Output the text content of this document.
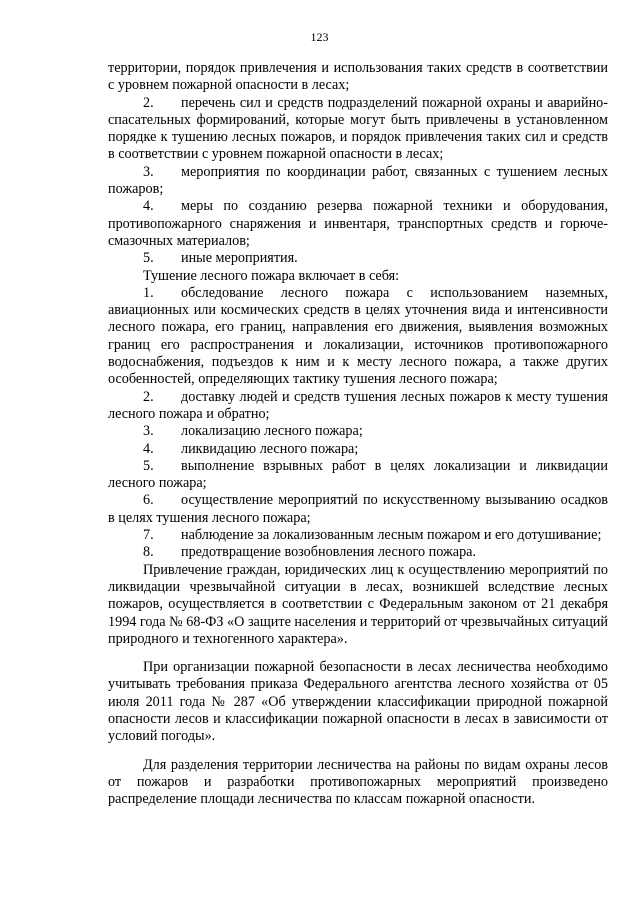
123

территории, порядок привлечения и использования таких средств в соответствии с уровнем пожарной опасности в лесах;

2. перечень сил и средств подразделений пожарной охраны и аварийно-спасательных формирований, которые могут быть привлечены в установленном порядке к тушению лесных пожаров, и порядок привлечения таких сил и средств в соответствии с уровнем пожарной опасности в лесах;

3. мероприятия по координации работ, связанных с тушением лесных пожаров;

4. меры по созданию резерва пожарной техники и оборудования, противопожарного снаряжения и инвентаря, транспортных средств и горюче-смазочных материалов;

5. иные мероприятия.

Тушение лесного пожара включает в себя:

1. обследование лесного пожара с использованием наземных, авиационных или космических средств в целях уточнения вида и интенсивности лесного пожара, его границ, направления его движения, выявления возможных границ его распространения и локализации, источников противопожарного водоснабжения, подъездов к ним и к месту лесного пожара, а также других особенностей, определяющих тактику тушения лесного пожара;

2. доставку людей и средств тушения лесных пожаров к месту тушения лесного пожара и обратно;

3. локализацию лесного пожара;

4. ликвидацию лесного пожара;

5. выполнение взрывных работ в целях локализации и ликвидации лесного пожара;

6. осуществление мероприятий по искусственному вызыванию осадков в целях тушения лесного пожара;

7. наблюдение за локализованным лесным пожаром и его дотушивание;

8. предотвращение возобновления лесного пожара.

Привлечение граждан, юридических лиц к осуществлению мероприятий по ликвидации чрезвычайной ситуации в лесах, возникшей вследствие лесных пожаров, осуществляется в соответствии с Федеральным законом от 21 декабря 1994 года № 68-ФЗ «О защите населения и территорий от чрезвычайных ситуаций природного и техногенного характера».

При организации пожарной безопасности в лесах лесничества необходимо учитывать требования приказа Федерального агентства лесного хозяйства от 05 июля 2011 года № 287 «Об утверждении классификации природной пожарной опасности лесов и классификации пожарной опасности в лесах в зависимости от условий погоды».

Для разделения территории лесничества на районы по видам охраны лесов от пожаров и разработки противопожарных мероприятий произведено распределение площади лесничества по классам пожарной опасности.
